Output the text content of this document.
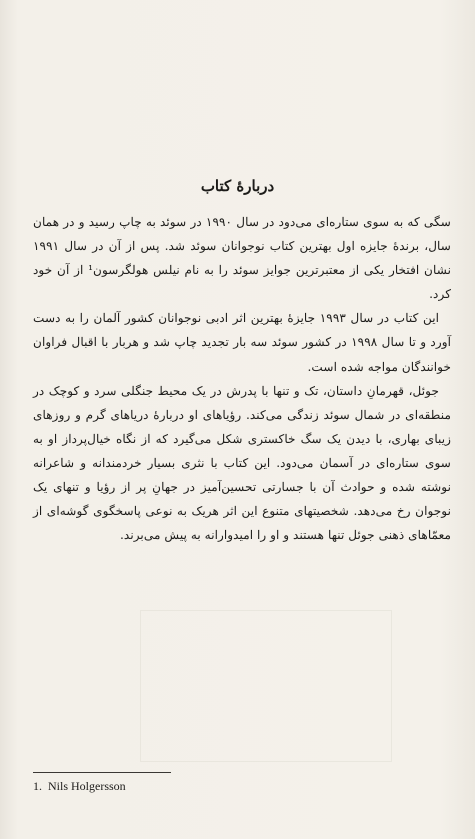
درباره‌ٔ کتاب

سگی که به سوی ستاره‌ای می‌دود در سال ۱۹۹۰ در سوئد به چاپ رسید و در همان سال، برندهٔ جایزه اول بهترین کتاب نوجوانان سوئد شد. پس از آن در سال ۱۹۹۱ نشان افتخار یکی از معتبرترین جوایز سوئد را به نام نیلس هولگرسون¹ از آن خود کرد.

این کتاب در سال ۱۹۹۳ جایزهٔ بهترین اثر ادبی نوجوانان کشور آلمان را به دست آورد و تا سال ۱۹۹۸ در کشور سوئد سه بار تجدید چاپ شد و هربار با اقبال فراوان خوانندگان مواجه شده است.

جوئل، قهرمانِ داستان، تک و تنها با پدرش در یک محیط جنگلی سرد و کوچک در منطقه‌ای در شمال سوئد زندگی می‌کند. رؤیاهای او دربارهٔ دریاهای گرم و روزهای زیبای بهاری، با دیدن یک سگ خاکستری شکل می‌گیرد که از نگاه خیال‌پرداز او به سوی ستاره‌ای در آسمان می‌دود. این کتاب با نثری بسیار خردمندانه و شاعرانه نوشته شده و حوادث آن با جسارتی تحسین‌آمیز در جهانِ پر از رؤیا و تنهای یک نوجوان رخ می‌دهد. شخصیتهای متنوع این اثر هریک به نوعی پاسخگوی گوشه‌ای از معمّاهای ذهنی جوئل تنها هستند و او را امیدوارانه به پیش می‌برند.

1. Nils Holgersson
